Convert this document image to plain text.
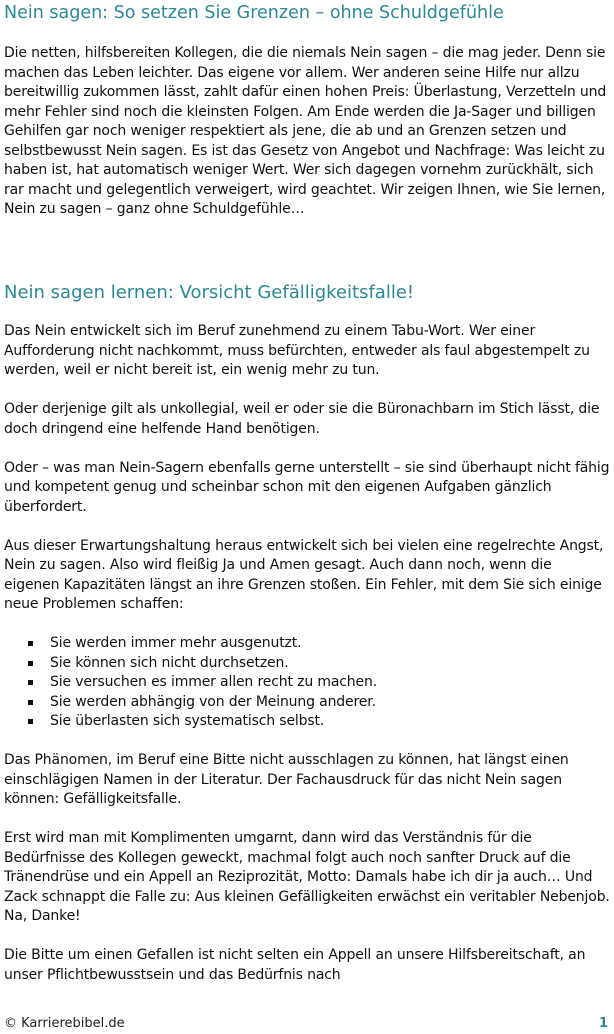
Nein sagen: So setzen Sie Grenzen – ohne Schuldgefühle
Die netten, hilfsbereiten Kollegen, die die niemals Nein sagen – die mag jeder. Denn sie machen das Leben leichter. Das eigene vor allem. Wer anderen seine Hilfe nur allzu bereitwillig zukommen lässt, zahlt dafür einen hohen Preis: Überlastung, Verzetteln und mehr Fehler sind noch die kleinsten Folgen. Am Ende werden die Ja-Sager und billigen Gehilfen gar noch weniger respektiert als jene, die ab und an Grenzen setzen und selbstbewusst Nein sagen. Es ist das Gesetz von Angebot und Nachfrage: Was leicht zu haben ist, hat automatisch weniger Wert. Wer sich dagegen vornehm zurückhält, sich rar macht und gelegentlich verweigert, wird geachtet. Wir zeigen Ihnen, wie Sie lernen, Nein zu sagen – ganz ohne Schuldgefühle…
Nein sagen lernen: Vorsicht Gefälligkeitsfalle!

Das Nein entwickelt sich im Beruf zunehmend zu einem Tabu-Wort. Wer einer Aufforderung nicht nachkommt, muss befürchten, entweder als faul abgestempelt zu werden, weil er nicht bereit ist, ein wenig mehr zu tun.

Oder derjenige gilt als unkollegial, weil er oder sie die Büronachbarn im Stich lässt, die doch dringend eine helfende Hand benötigen.

Oder – was man Nein-Sagern ebenfalls gerne unterstellt – sie sind überhaupt nicht fähig und kompetent genug und scheinbar schon mit den eigenen Aufgaben gänzlich überfordert.

Aus dieser Erwartungshaltung heraus entwickelt sich bei vielen eine regelrechte Angst, Nein zu sagen. Also wird fleißig Ja und Amen gesagt. Auch dann noch, wenn die eigenen Kapazitäten längst an ihre Grenzen stoßen. Ein Fehler, mit dem Sie sich einige neue Problemen schaffen:

Sie werden immer mehr ausgenutzt.
Sie können sich nicht durchsetzen.
Sie versuchen es immer allen recht zu machen.
Sie werden abhängig von der Meinung anderer.
Sie überlasten sich systematisch selbst.

Das Phänomen, im Beruf eine Bitte nicht ausschlagen zu können, hat längst einen einschlägigen Namen in der Literatur. Der Fachausdruck für das nicht Nein sagen können: Gefälligkeitsfalle.

Erst wird man mit Komplimenten umgarnt, dann wird das Verständnis für die Bedürfnisse des Kollegen geweckt, machmal folgt auch noch sanfter Druck auf die Tränendrüse und ein Appell an Reziprozität, Motto: Damals habe ich dir ja auch… Und Zack schnappt die Falle zu: Aus kleinen Gefälligkeiten erwächst ein veritabler Nebenjob. Na, Danke!

Die Bitte um einen Gefallen ist nicht selten ein Appell an unsere Hilfsbereitschaft, an unser Pflichtbewusstsein und das Bedürfnis nach

© Karrierebibel.de	1
